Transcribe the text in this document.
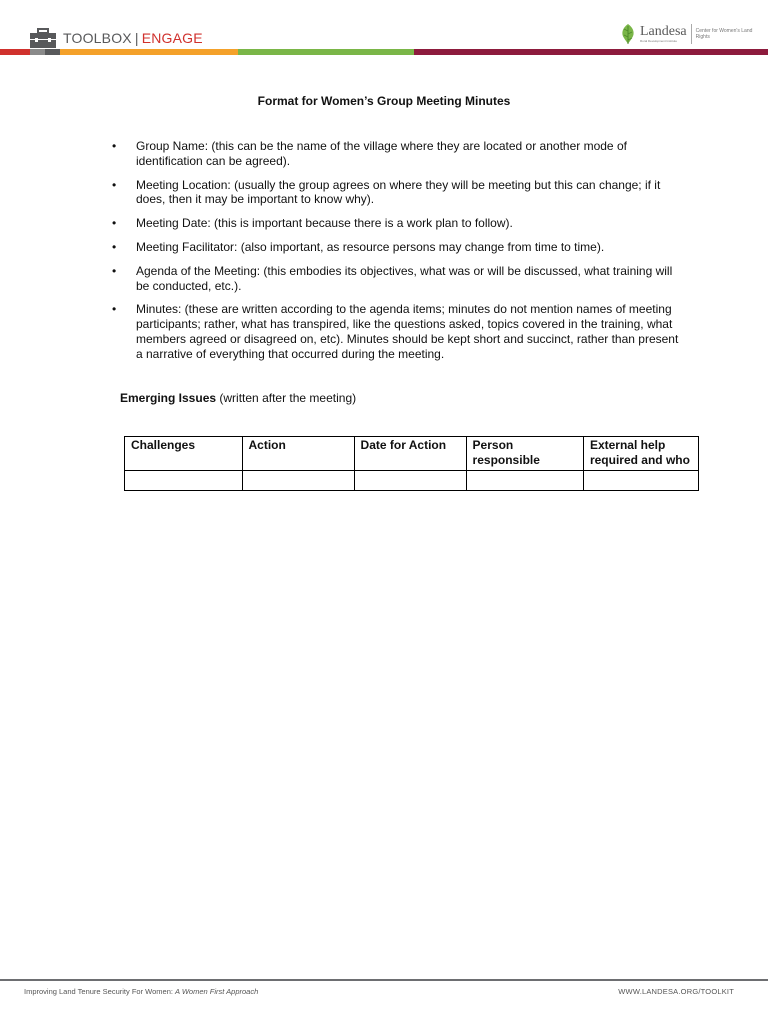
TOOLBOX | ENGAGE	Landesa
Rural Development Institute
Center for Women's Land Rights
Format for Women’s Group Meeting Minutes
• Group Name: (this can be the name of the village where they are located or another mode of identification can be agreed).
• Meeting Location: (usually the group agrees on where they will be meeting but this can change; if it does, then it may be important to know why).
• Meeting Date: (this is important because there is a work plan to follow).
• Meeting Facilitator: (also important, as resource persons may change from time to time).
• Agenda of the Meeting: (this embodies its objectives, what was or will be discussed, what training will be conducted, etc.).
• Minutes: (these are written according to the agenda items; minutes do not mention names of meeting participants; rather, what has transpired, like the questions asked, topics covered in the training, what members agreed or disagreed on, etc). Minutes should be kept short and succinct, rather than present a narrative of everything that occurred during the meeting.
Emerging Issues (written after the meeting)
Challenges	Action	Date for Action	Person responsible	External help required and who

Improving Land Tenure Security For Women: A Women First Approach	WWW.LANDESA.ORG/TOOLKIT
